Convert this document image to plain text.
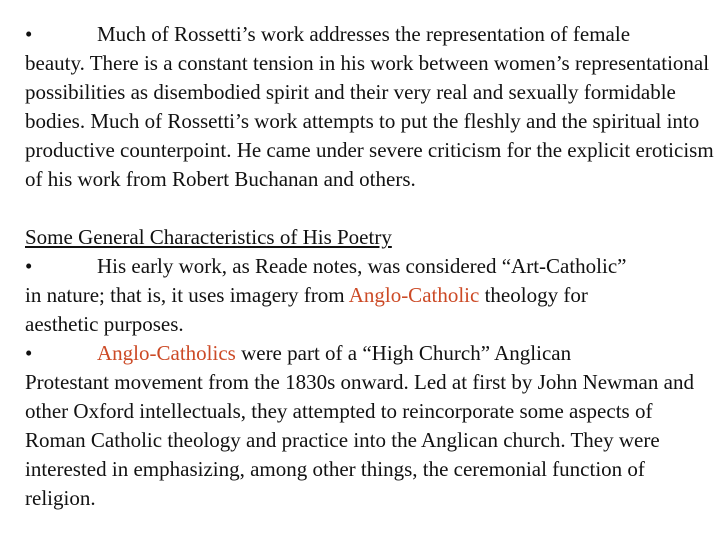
•	Much of Rossetti’s work addresses the representation of female

beauty. There is a constant tension in his work between women’s representational possibilities as disembodied spirit and their very real and sexually formidable bodies. Much of Rossetti’s work attempts to put the fleshly and the spiritual into productive counterpoint. He came under severe criticism for the explicit eroticism of his work from Robert Buchanan and others.

Some General Characteristics of His Poetry
•	His early work, as Reade notes, was considered “Art-Catholic”
in nature; that is, it uses imagery from Anglo-Catholic theology for
aesthetic purposes.
•	Anglo-Catholics were part of a “High Church” Anglican

Protestant movement from the 1830s onward. Led at first by John Newman and other Oxford intellectuals, they attempted to reincorporate some aspects of Roman Catholic theology and practice into the Anglican church. They were interested in emphasizing, among other things, the ceremonial function of religion.
